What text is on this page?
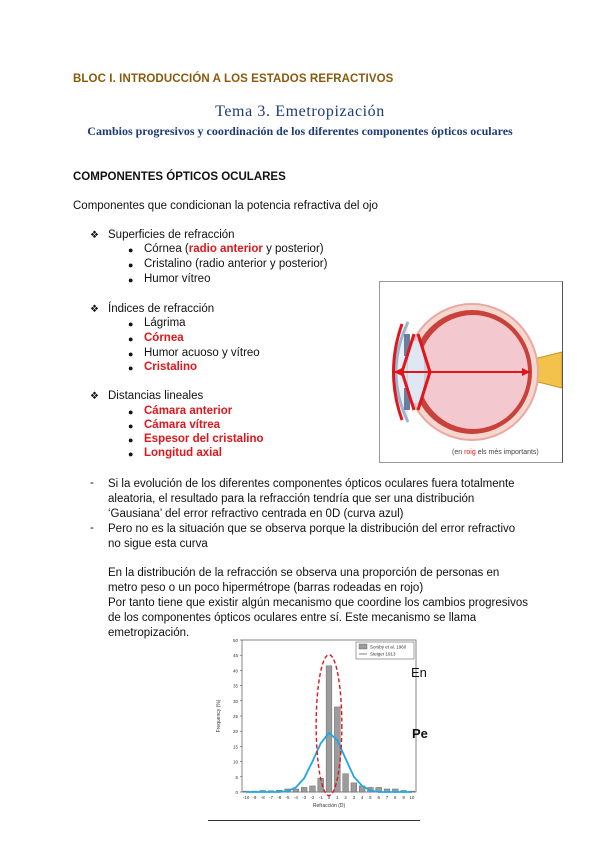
BLOC I. INTRODUCCIÓN A LOS ESTADOS REFRACTIVOS
Tema 3. Emetropización
Cambios progresivos y coordinación de los diferentes componentes ópticos oculares
COMPONENTES ÓPTICOS OCULARES
Componentes que condicionan la potencia refractiva del ojo
❖ Superficies de refracción
● Córnea (radio anterior y posterior)
● Cristalino (radio anterior y posterior)
● Humor vítreo
❖ Índices de refracción
● Lágrima
● Córnea
● Humor acuoso y vítreo
● Cristalino
❖ Distancias lineales
● Cámara anterior
● Cámara vítrea
● Espesor del cristalino
● Longitud axial	(en roig els més importants)
- Si la evolución de los diferentes componentes ópticos oculares fuera totalmente aleatoria, el resultado para la refracción tendría que ser una distribución ‘Gausiana’ del error refractivo centrada en 0D (curva azul)
- Pero no es la situación que se observa porque la distribución del error refractivo no sigue esta curva
En la distribución de la refracción se observa una proporción de personas en metro peso o un poco hipermétrope (barras rodeadas en rojo)
Por tanto tiene que existir algún mecanismo que coordine los cambios progresivos de los componentes ópticos oculares entre sí. Este mecanismo se llama emetropización.
0
5
10
15
20
25
30
35
40
45
50
-10 -9 -8 -7 -6 -5 -4 -3 -2 -1 0 1 2 3 4 5 6 7 8 9 10
Refracción (D)
Frequency (%)
Sorsby et al. 1960
Steiger 1913
En
Pe
